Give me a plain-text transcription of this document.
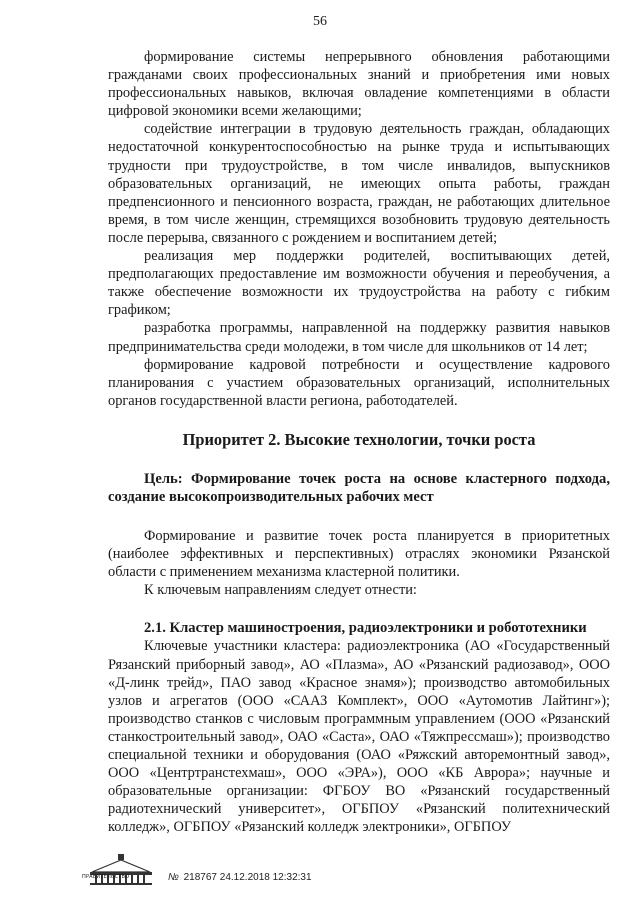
56

формирование системы непрерывного обновления работающими гражданами своих профессиональных знаний и приобретения ими новых профессиональных навыков, включая овладение компетенциями в области цифровой экономики всеми желающими;

содействие интеграции в трудовую деятельность граждан, обладающих недостаточной конкурентоспособностью на рынке труда и испытывающих трудности при трудоустройстве, в том числе инвалидов, выпускников образовательных организаций, не имеющих опыта работы, граждан предпенсионного и пенсионного возраста, граждан, не работающих длительное время, в том числе женщин, стремящихся возобновить трудовую деятельность после перерыва, связанного с рождением и воспитанием детей;

реализация мер поддержки родителей, воспитывающих детей, предполагающих предоставление им возможности обучения и переобучения, а также обеспечение возможности их трудоустройства на работу с гибким графиком;

разработка программы, направленной на поддержку развития навыков предпринимательства среди молодежи, в том числе для школьников от 14 лет;

формирование кадровой потребности и осуществление кадрового планирования с участием образовательных организаций, исполнительных органов государственной власти региона, работодателей.

Приоритет 2. Высокие технологии, точки роста

Цель: Формирование точек роста на основе кластерного подхода, создание высокопроизводительных рабочих мест

Формирование и развитие точек роста планируется в приоритетных (наиболее эффективных и перспективных) отраслях экономики Рязанской области с применением механизма кластерной политики.

К ключевым направлениям следует отнести:

2.1. Кластер машиностроения, радиоэлектроники и робототехники

Ключевые участники кластера: радиоэлектроника (АО «Государственный Рязанский приборный завод», АО «Плазма», АО «Рязанский радиозавод», ООО «Д-линк трейд», ПАО завод «Красное знамя»); производство автомобильных узлов и агрегатов (ООО «СААЗ Комплект», ООО «Аутомотив Лайтинг»); производство станков с числовым программным управлением (ООО «Рязанский станкостроительный завод», ОАО «Саста», ОАО «Тяжпрессмаш»); производство специальной техники и оборудования (ОАО «Ряжский авторемонтный завод», ООО «Центртранстехмаш», ООО «ЭРА»), ООО «КБ Аврора»; научные и образовательные организации: ФГБОУ ВО «Рязанский государственный радиотехнический университет», ОГБПОУ «Рязанский политехнический колледж», ОГБПОУ «Рязанский колледж электроники», ОГБПОУ

ПРАВИТЕЛЬСТВО	№ 218767 24.12.2018 12:32:31
